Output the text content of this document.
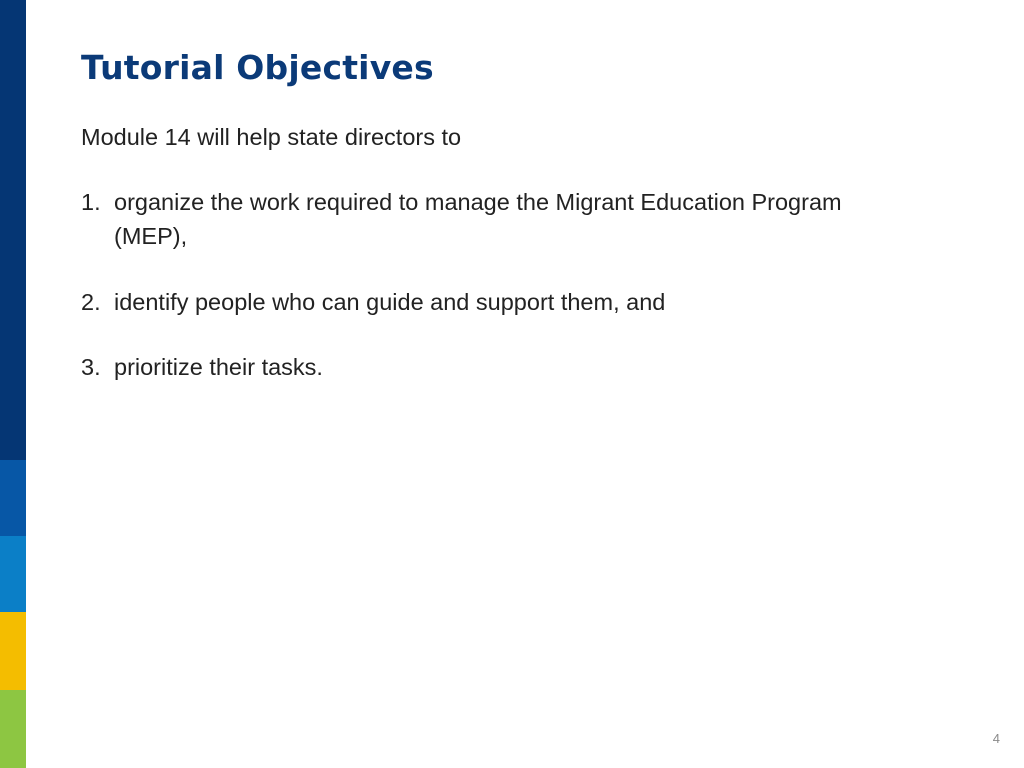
Tutorial Objectives

Module 14 will help state directors to

1. organize the work required to manage the Migrant Education Program (MEP),
2. identify people who can guide and support them, and
3. prioritize their tasks.
4
